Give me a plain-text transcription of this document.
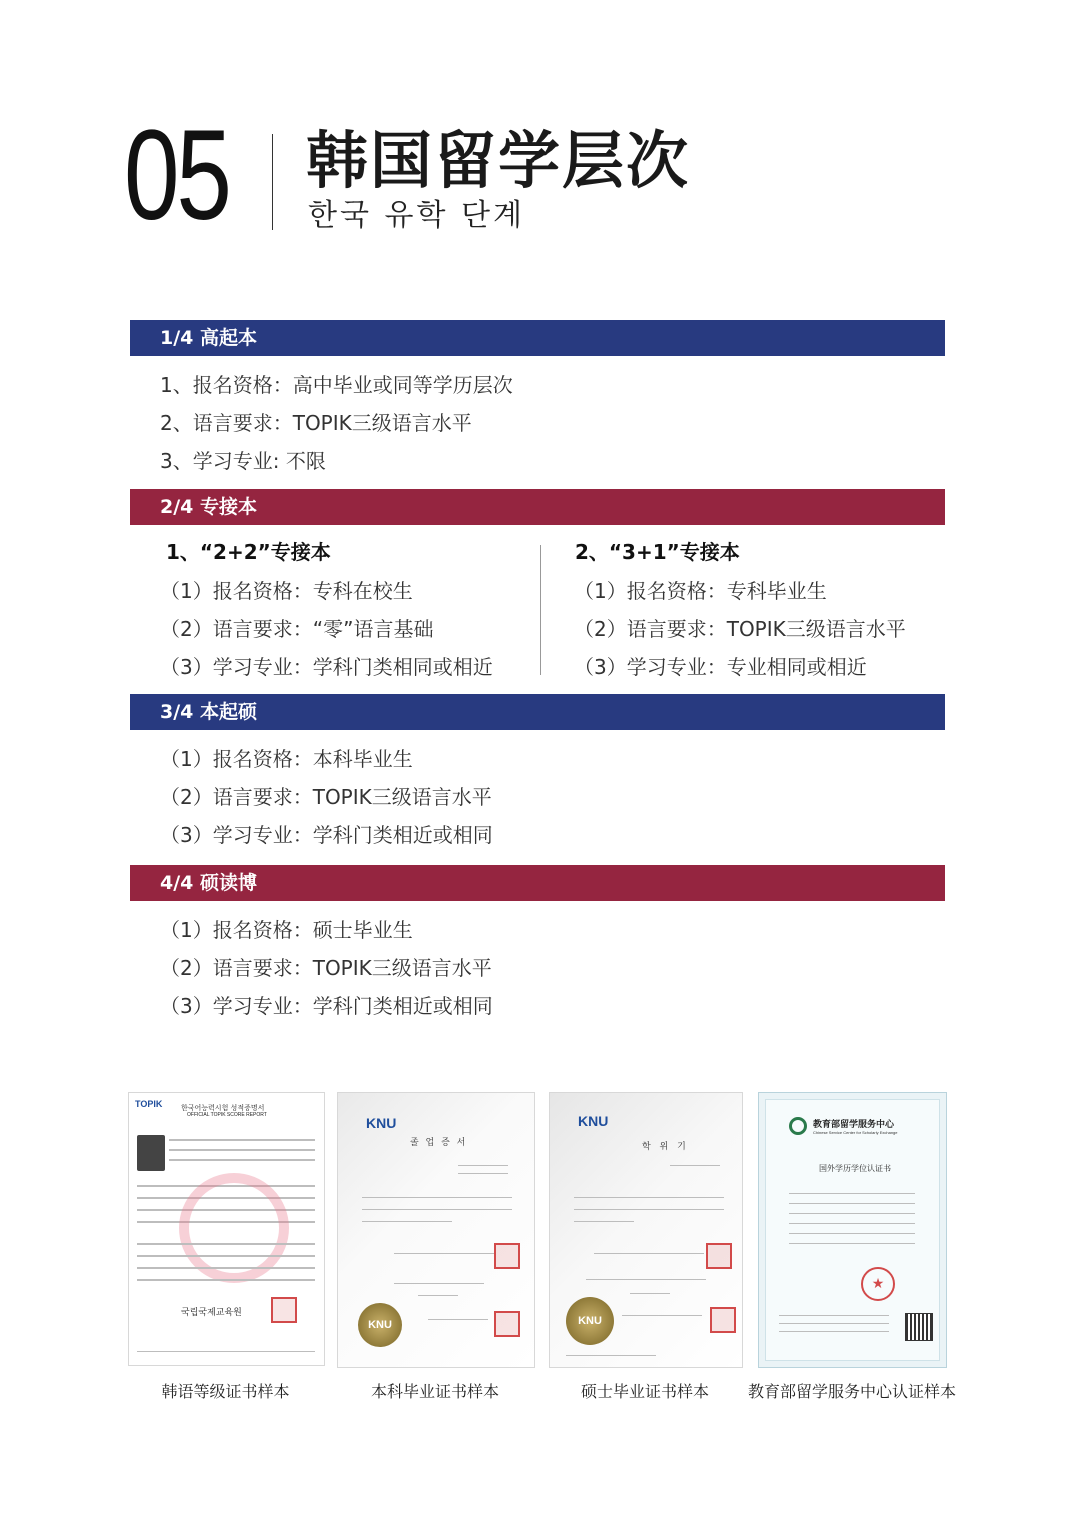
05 韩国留学层次
한국 유학 단계
1/4 高起本
1、报名资格：高中毕业或同等学历层次
2、语言要求：TOPIK三级语言水平
3、学习专业: 不限
2/4 专接本
1、“2+2”专接本
（1）报名资格：专科在校生
（2）语言要求：“零”语言基础
（3）学习专业：学科门类相同或相近
2、“3+1”专接本
（1）报名资格：专科毕业生
（2）语言要求：TOPIK三级语言水平
（3）学习专业：专业相同或相近
3/4 本起硕
（1）报名资格：本科毕业生
（2）语言要求：TOPIK三级语言水平
（3）学习专业：学科门类相近或相同
4/4 硕读博
（1）报名资格：硕士毕业生
（2）语言要求：TOPIK三级语言水平
（3）学习专业：学科门类相近或相同
TOPIK	한국어능력시험 성적증명서
OFFICIAL TOPIK SCORE REPORT
국립국제교육원
韩语等级证书样本
KNU
졸 업 증 서
KNU
本科毕业证书样本
KNU
학 위 기
KNU
硕士毕业证书样本
教育部留学服务中心
Chinese Service Center for Scholarly Exchange
国外学历学位认证书
★
教育部留学服务中心认证样本
